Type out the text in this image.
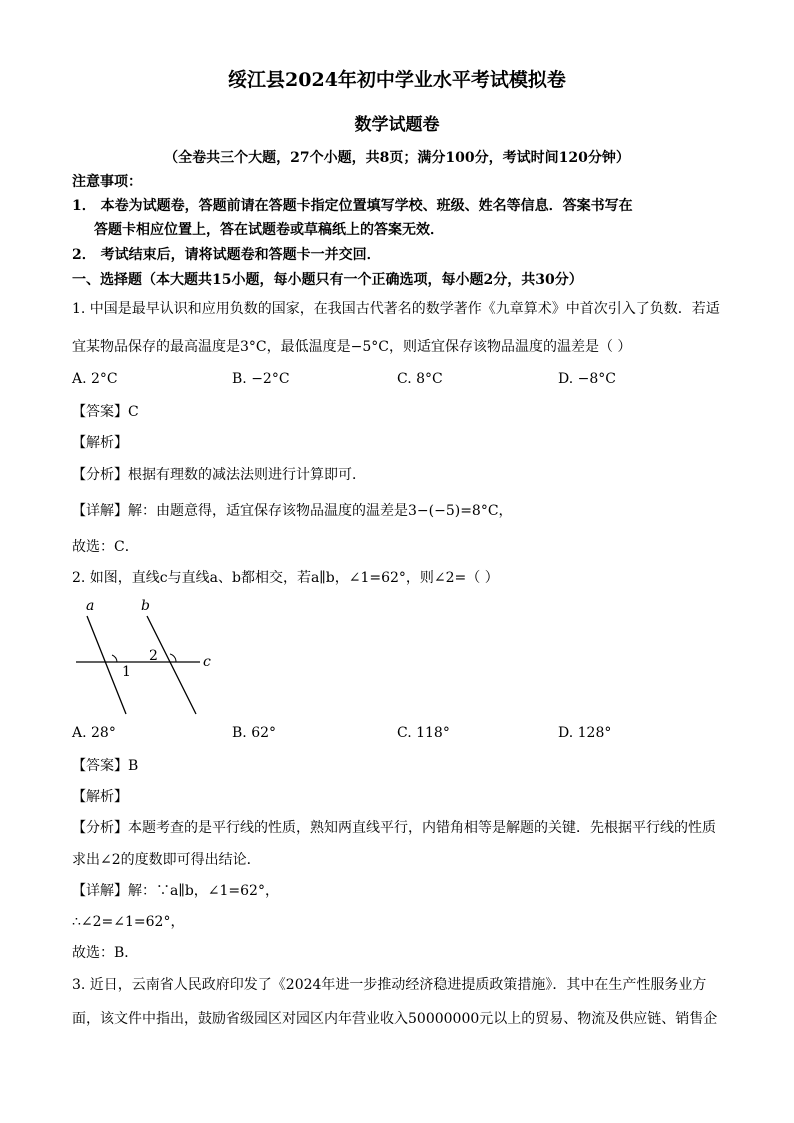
绥江县2024年初中学业水平考试模拟卷
数学试题卷
（全卷共三个大题，27个小题，共8页；满分100分，考试时间120分钟）
注意事项：
1． 本卷为试题卷，答题前请在答题卡指定位置填写学校、班级、姓名等信息．答案书写在
答题卡相应位置上，答在试题卷或草稿纸上的答案无效．
2． 考试结束后，请将试题卷和答题卡一并交回．
一、选择题（本大题共15小题，每小题只有一个正确选项，每小题2分，共30分）
1. 中国是最早认识和应用负数的国家，在我国古代著名的数学著作《九章算术》中首次引入了负数．若适
宜某物品保存的最高温度是3°C，最低温度是−5°C，则适宜保存该物品温度的温差是（ ）
A. 2°C	B. −2°C	C. 8°C	D. −8°C
【答案】C
【解析】
【分析】根据有理数的减法法则进行计算即可．
【详解】解：由题意得，适宜保存该物品温度的温差是3−(−5)=8°C，
故选：C．
2. 如图，直线c与直线a、b都相交，若a∥b，∠1=62°，则∠2=（ ）
a	b
c
1
2
A. 28°	B. 62°	C. 118°	D. 128°
【答案】B
【解析】
【分析】本题考查的是平行线的性质，熟知两直线平行，内错角相等是解题的关键．先根据平行线的性质
求出∠2的度数即可得出结论．
【详解】解：∵a∥b，∠1=62°，
∴∠2=∠1=62°，
故选：B．
3. 近日，云南省人民政府印发了《2024年进一步推动经济稳进提质政策措施》．其中在生产性服务业方
面，该文件中指出，鼓励省级园区对园区内年营业收入50000000元以上的贸易、物流及供应链、销售企
